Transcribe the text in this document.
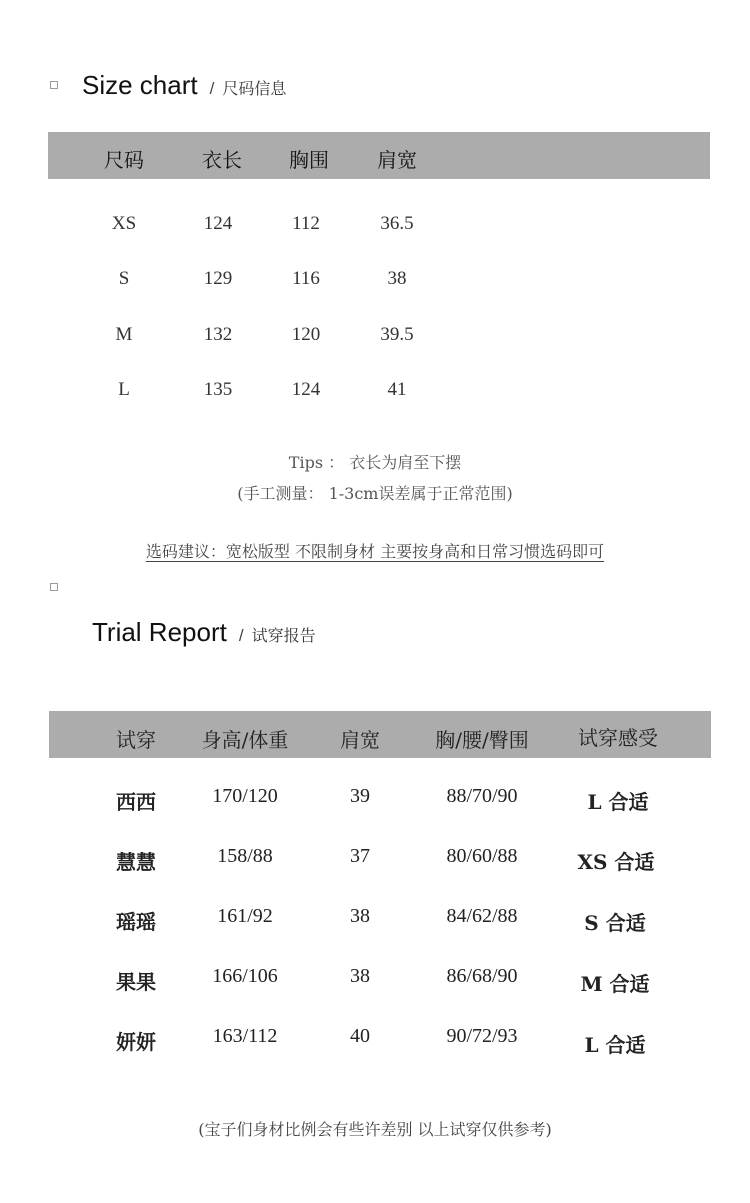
Size chart / 尺码信息
尺码	衣长	胸围	肩宽
XS	124	112	36.5
S	129	116	38
M	132	120	39.5
L	135	124	41
Tips ： 衣长为肩至下摆
(手工测量： 1-3cm误差属于正常范围)
选码建议：宽松版型 不限制身材 主要按身高和日常习惯选码即可
Trial Report / 试穿报告
试穿	身高/体重	肩宽	胸/腰/臀围	试穿感受
西西	170/120	39	88/70/90	L 合适
慧慧	158/88	37	80/60/88	XS 合适
瑶瑶	161/92	38	84/62/88	S 合适
果果	166/106	38	86/68/90	M 合适
妍妍	163/112	40	90/72/93	L 合适
(宝子们身材比例会有些许差别 以上试穿仅供参考)
